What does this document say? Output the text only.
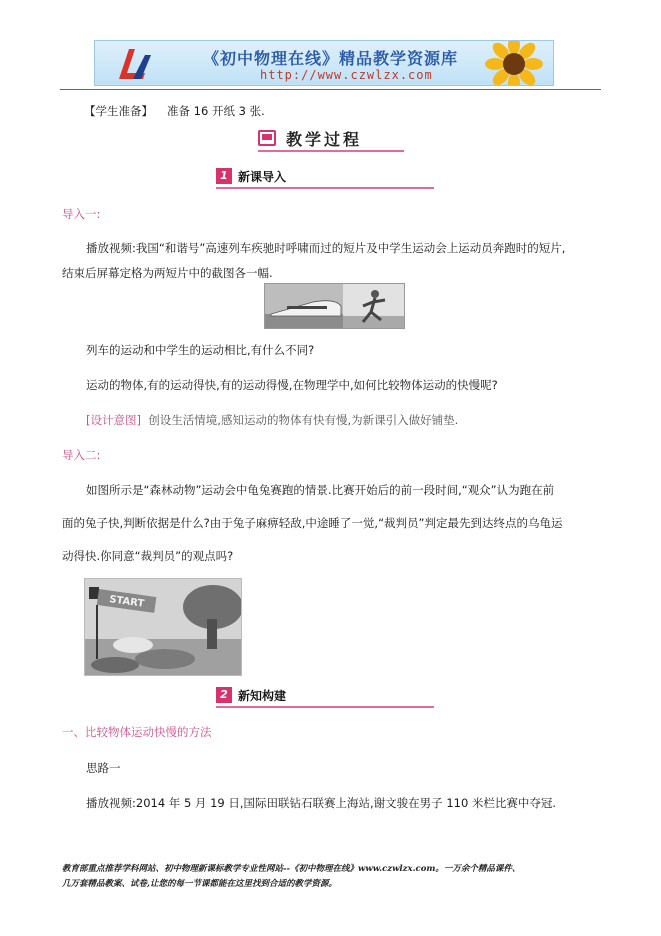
《初中物理在线》精品教学资源库
http://www.czwlzx.com
【学生准备】 准备 16 开纸 3 张.
教学过程
1 新课导入
导入一:
播放视频:我国“和谐号”高速列车疾驰时呼啸而过的短片及中学生运动会上运动员奔跑时的短片,
结束后屏幕定格为两短片中的截图各一幅.
列车的运动和中学生的运动相比,有什么不同?
运动的物体,有的运动得快,有的运动得慢,在物理学中,如何比较物体运动的快慢呢?
[设计意图] 创设生活情境,感知运动的物体有快有慢,为新课引入做好铺垫.
导入二:
如图所示是“森林动物”运动会中龟兔赛跑的情景.比赛开始后的前一段时间,“观众”认为跑在前
面的兔子快,判断依据是什么?由于兔子麻痹轻敌,中途睡了一觉,“裁判员”判定最先到达终点的乌龟运
动得快.你同意“裁判员”的观点吗?
START
2 新知构建
一、比较物体运动快慢的方法
思路一
播放视频:2014 年 5 月 19 日,国际田联钻石联赛上海站,谢文骏在男子 110 米栏比赛中夺冠.
教育部重点推荐学科网站、初中物理新课标教学专业性网站--《初中物理在线》www.czwlzx.com。一万余个精品课件、
几万套精品教案、试卷,让您的每一节课都能在这里找到合适的教学资源。
